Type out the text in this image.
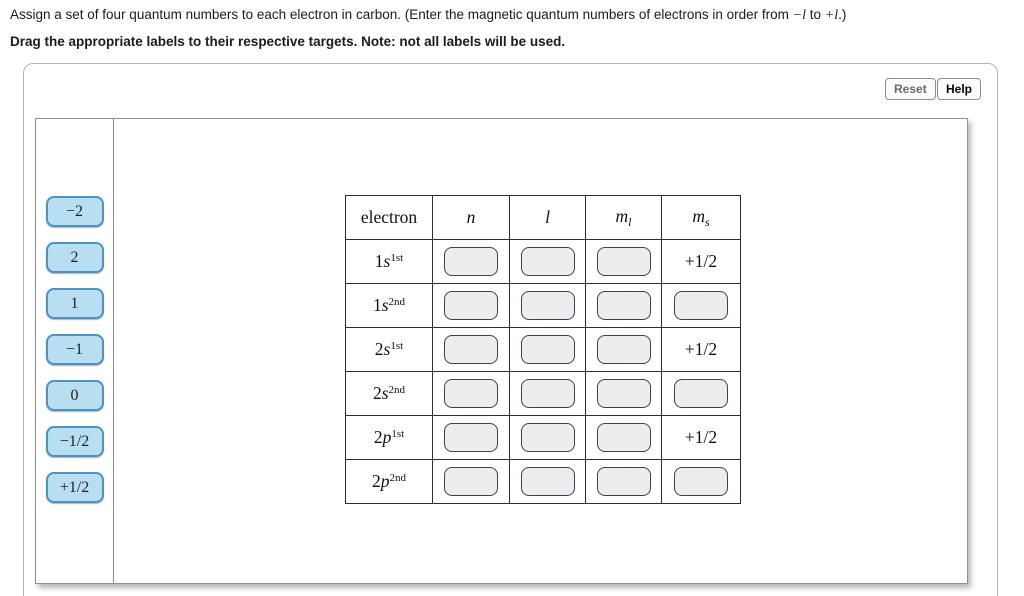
Assign a set of four quantum numbers to each electron in carbon. (Enter the magnetic quantum numbers of electrons in order from −l to +l.)
Drag the appropriate labels to their respective targets. Note: not all labels will be used.
Reset	Help
−2
2
1
−1
0
−1/2
+1/2
electron	n	l	$m_l$	$m_s$
$1s^{1st}$				+1/2
$1s^{2nd}$	

$2s^{1st}$				+1/2
$2s^{2nd}$	

$2p^{1st}$				+1/2
$2p^{2nd}$	
